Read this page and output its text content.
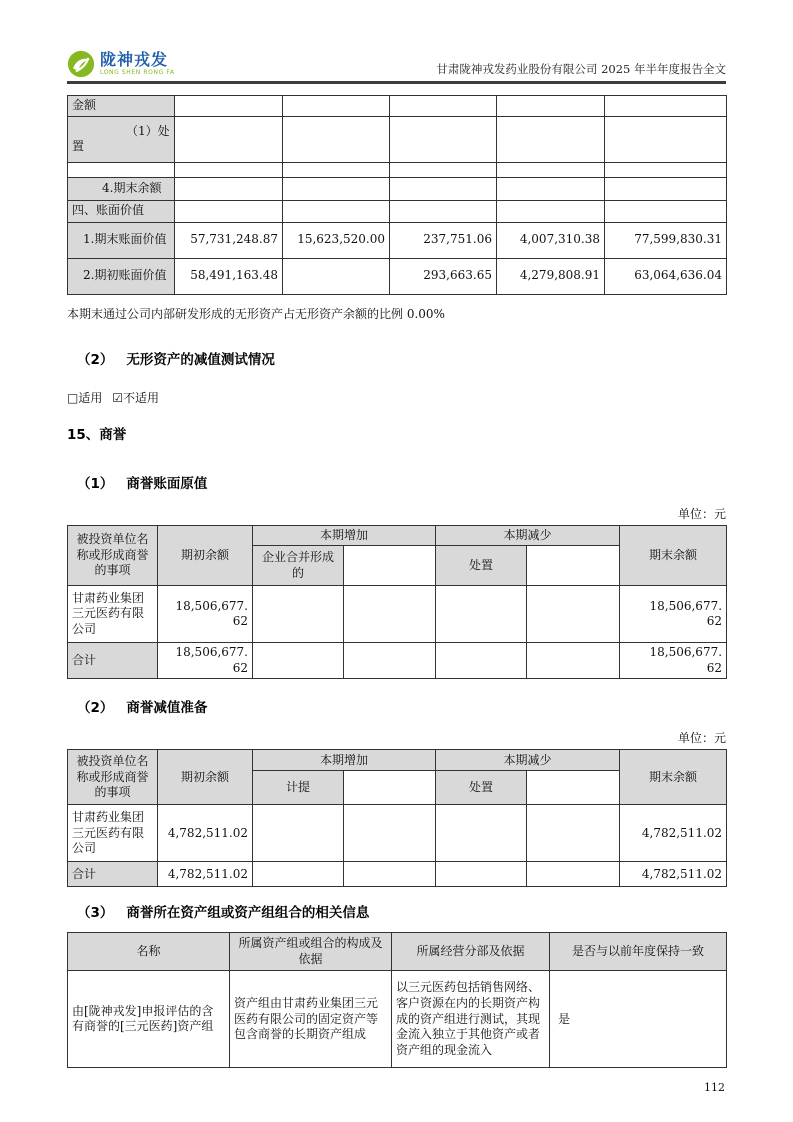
陇神戎发
LONG SHEN RONG FA	甘肃陇神戎发药业股份有限公司 2025 年半年度报告全文
金额					
（1）处置					

4.期末余额					
四、账面价值					
1.期末账面价值	57,731,248.87	15,623,520.00	237,751.06	4,007,310.38	77,599,830.31
2.期初账面价值	58,491,163.48		293,663.65	4,279,808.91	63,064,636.04
本期末通过公司内部研发形成的无形资产占无形资产余额的比例 0.00%
（2） 无形资产的减值测试情况
□适用 ☑不适用
15、商誉
（1） 商誉账面原值
单位：元
被投资单位名称或形成商誉的事项	期初余额	本期增加		本期减少		期末余额
		企业合并形成的		处置		
甘肃药业集团三元医药有限公司	18,506,677.62					18,506,677.62
合计	18,506,677.62					18,506,677.62
（2） 商誉减值准备
单位：元
被投资单位名称或形成商誉的事项	期初余额	本期增加		本期减少		期末余额
		计提		处置		
甘肃药业集团三元医药有限公司	4,782,511.02					4,782,511.02
合计	4,782,511.02					4,782,511.02
（3） 商誉所在资产组或资产组组合的相关信息
名称	所属资产组或组合的构成及依据	所属经营分部及依据	是否与以前年度保持一致
由[陇神戎发]申报评估的含有商誉的[三元医药]资产组	资产组由甘肃药业集团三元医药有限公司的固定资产等包含商誉的长期资产组成	以三元医药包括销售网络、客户资源在内的长期资产构成的资产组进行测试，其现金流入独立于其他资产或者资产组的现金流入	是
112
